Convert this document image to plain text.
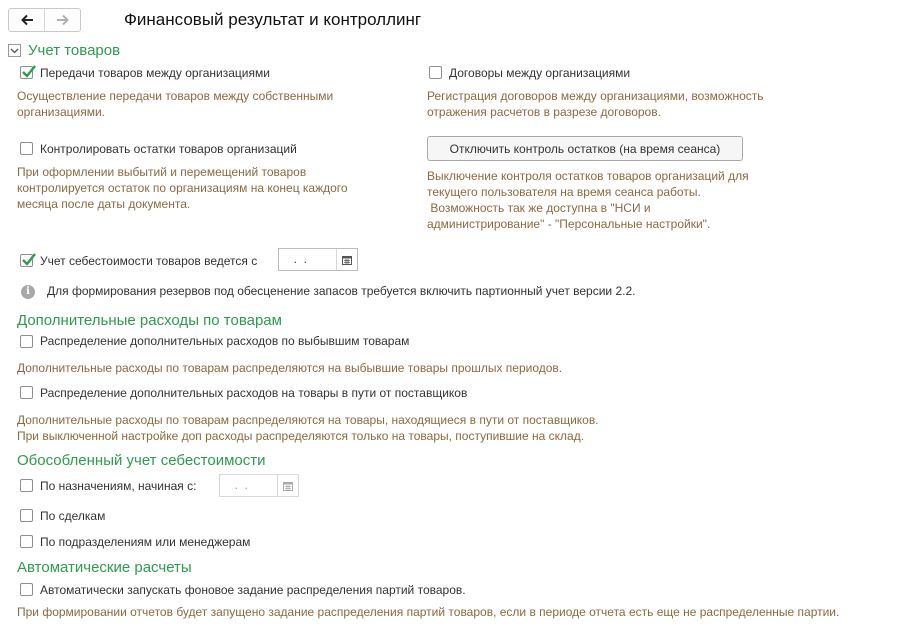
Финансовый результат и контроллинг
Учет товаров
Передачи товаров между организациями
Осуществление передачи товаров между собственными
организациями.
Договоры между организациями
Регистрация договоров между организациями, возможность
отражения расчетов в разрезе договоров.
Контролировать остатки товаров организаций
При оформлении выбытий и перемещений товаров
контролируется остаток по организациям на конец каждого
месяца после даты документа.
Отключить контроль остатков (на время сеанса)
Выключение контроля остатков товаров организаций для
текущего пользователя на время сеанса работы.
Возможность так же доступна в "НСИ и
администрирование" - "Персональные настройки".
Учет себестоимости товаров ведется с	.  .
i	Для формирования резервов под обесценение запасов требуется включить партионный учет версии 2.2.
Дополнительные расходы по товарам
Распределение дополнительных расходов по выбывшим товарам
Дополнительные расходы по товарам распределяются на выбывшие товары прошлых периодов.
Распределение дополнительных расходов на товары в пути от поставщиков
Дополнительные расходы по товарам распределяются на товары, находящиеся в пути от поставщиков.
При выключенной настройке доп расходы распределяются только на товары, поступившие на склад.
Обособленный учет себестоимости
По назначениям, начиная с:	.  .
По сделкам
По подразделениям или менеджерам
Автоматические расчеты
Автоматически запускать фоновое задание распределения партий товаров.
При формировании отчетов будет запущено задание распределения партий товаров, если в периоде отчета есть еще не распределенные партии.
